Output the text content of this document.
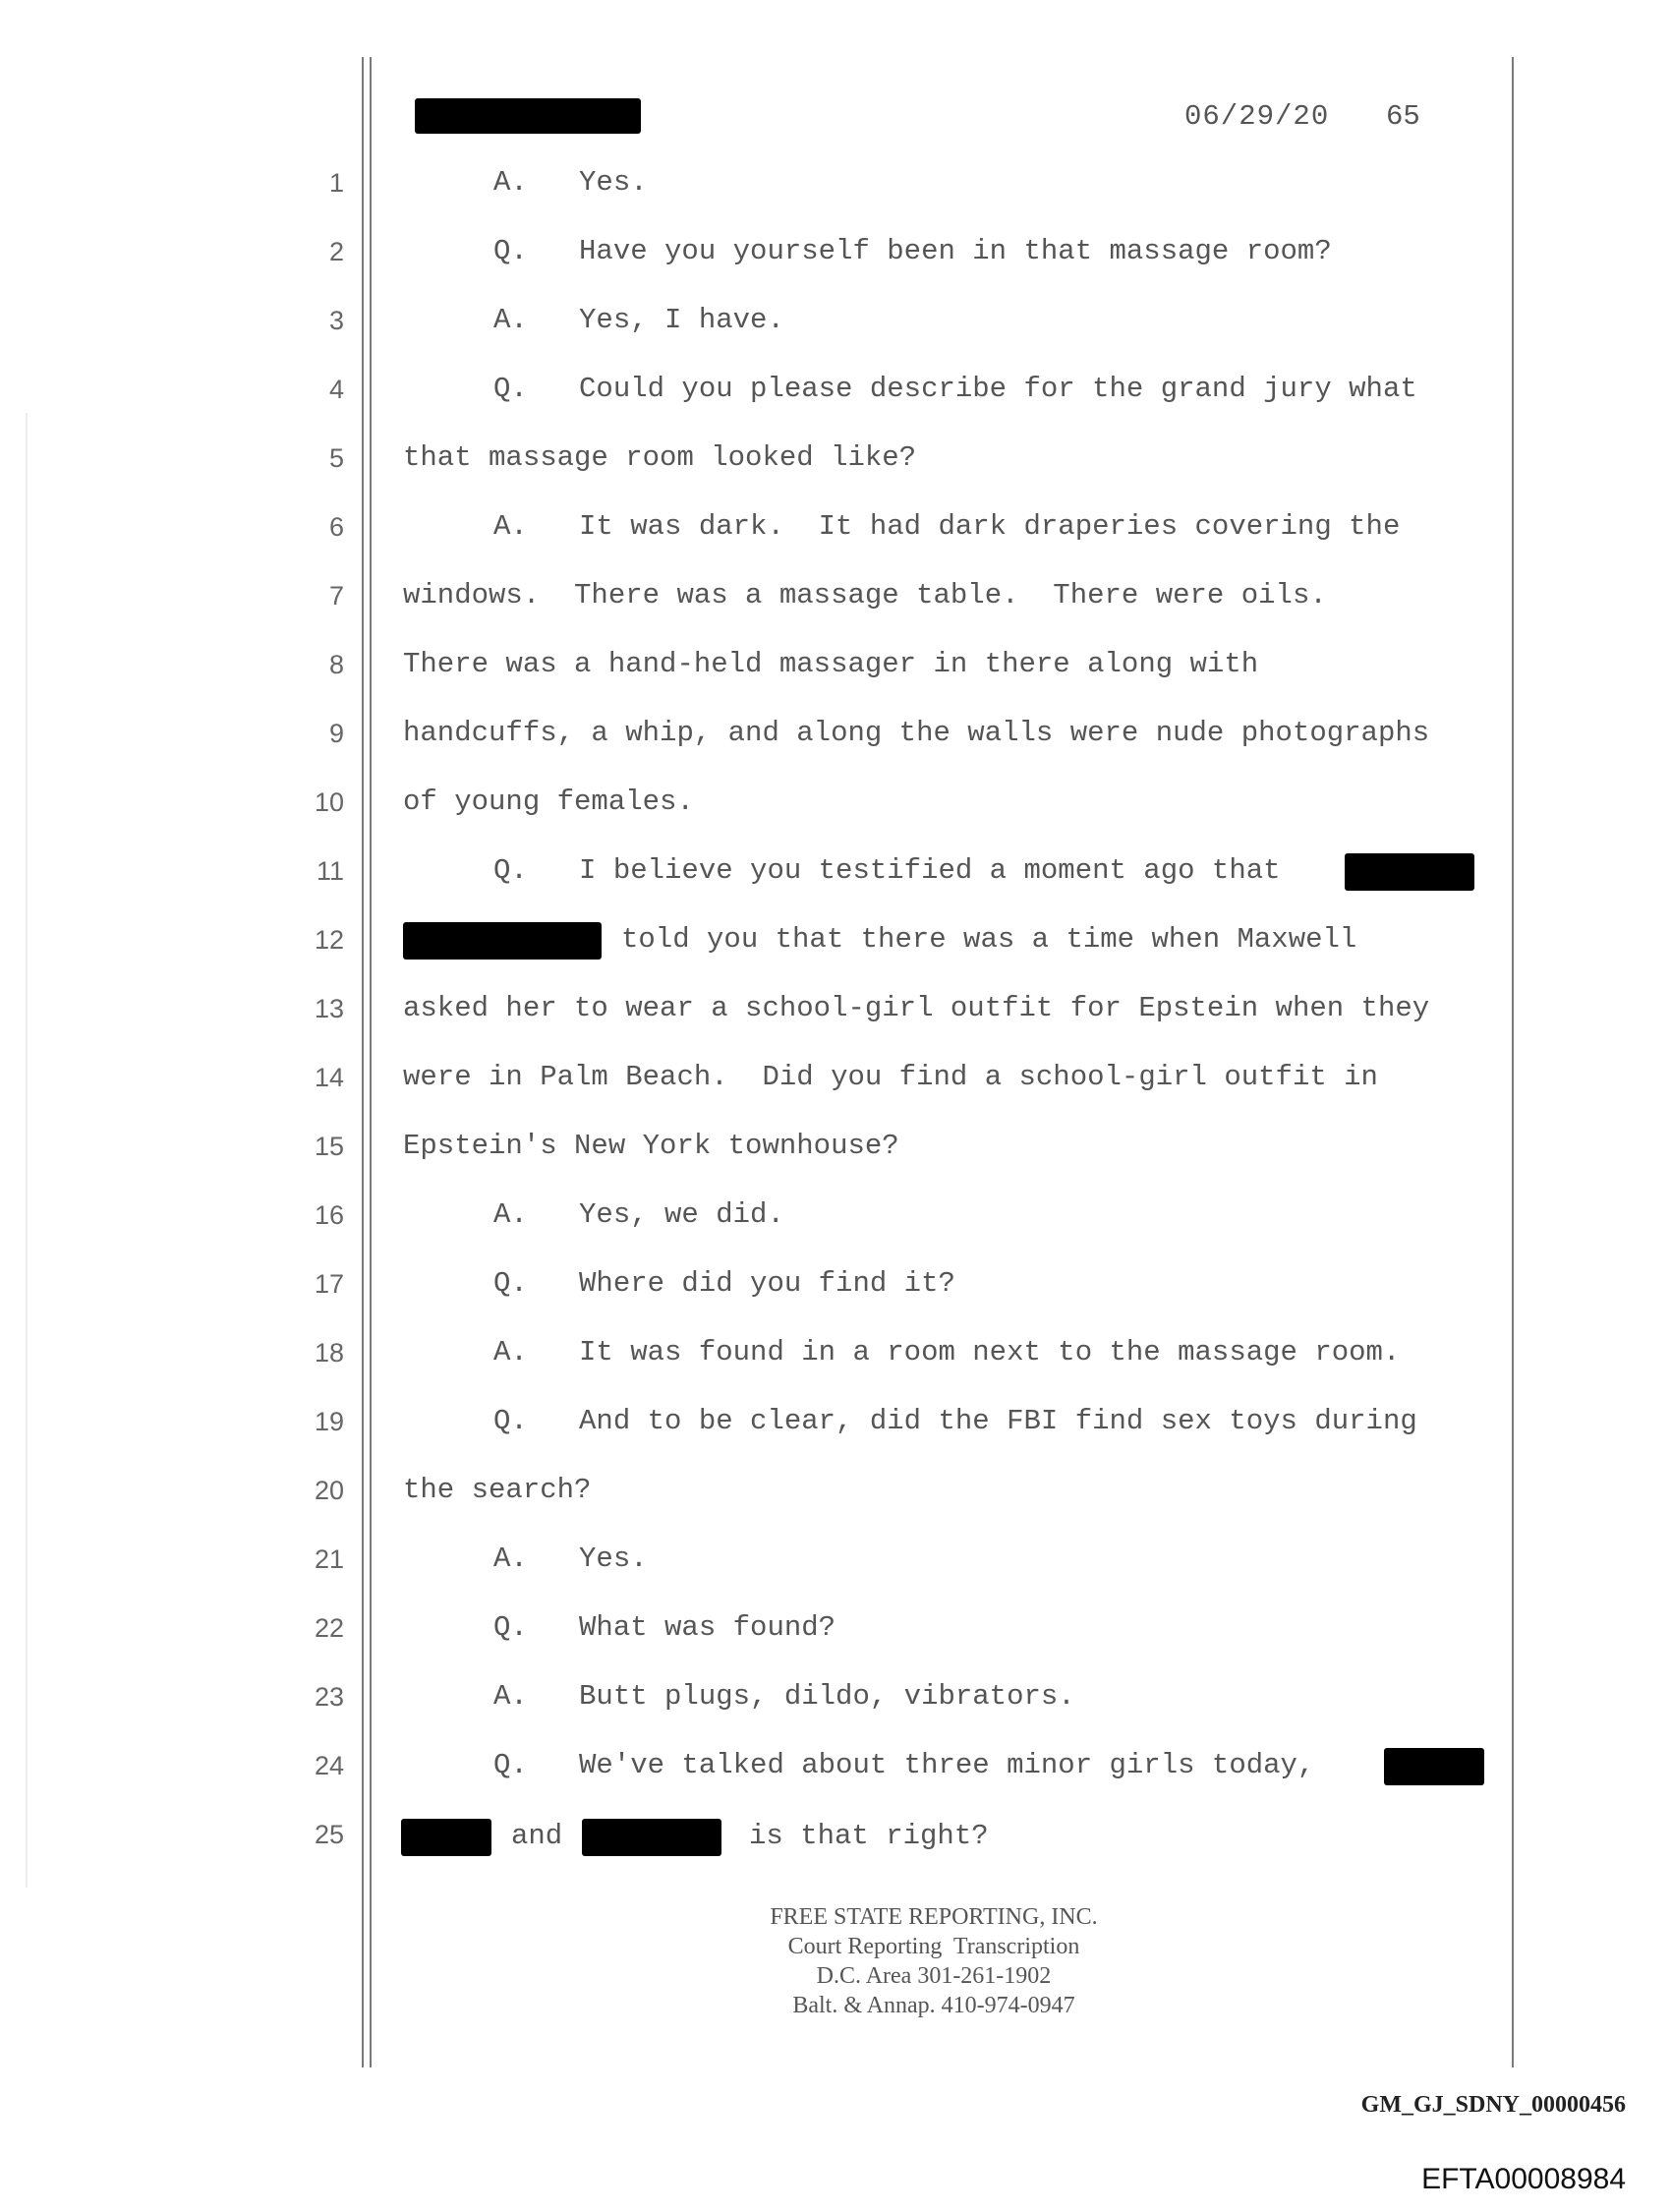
06/29/20 65
1
2
3
4
5
6
7
8
9
10
11
12
13
14
15
16
17
18
19
20
21
22
23
24
25
A.   Yes.
Q.   Have you yourself been in that massage room?
A.   Yes, I have.
Q.   Could you please describe for the grand jury what
that massage room looked like?
A.   It was dark.  It had dark draperies covering the
windows.  There was a massage table.  There were oils.
There was a hand-held massager in there along with
handcuffs, a whip, and along the walls were nude photographs
of young females.
Q.   I believe you testified a moment ago that
told you that there was a time when Maxwell
asked her to wear a school-girl outfit for Epstein when they
were in Palm Beach.  Did you find a school-girl outfit in
Epstein's New York townhouse?
A.   Yes, we did.
Q.   Where did you find it?
A.   It was found in a room next to the massage room.
Q.   And to be clear, did the FBI find sex toys during
the search?
A.   Yes.
Q.   What was found?
A.   Butt plugs, dildo, vibrators.
Q.   We've talked about three minor girls today,
and	is that right?
FREE STATE REPORTING, INC.
Court Reporting  Transcription
D.C. Area 301-261-1902
Balt. & Annap. 410-974-0947
GM_GJ_SDNY_00000456
EFTA00008984
